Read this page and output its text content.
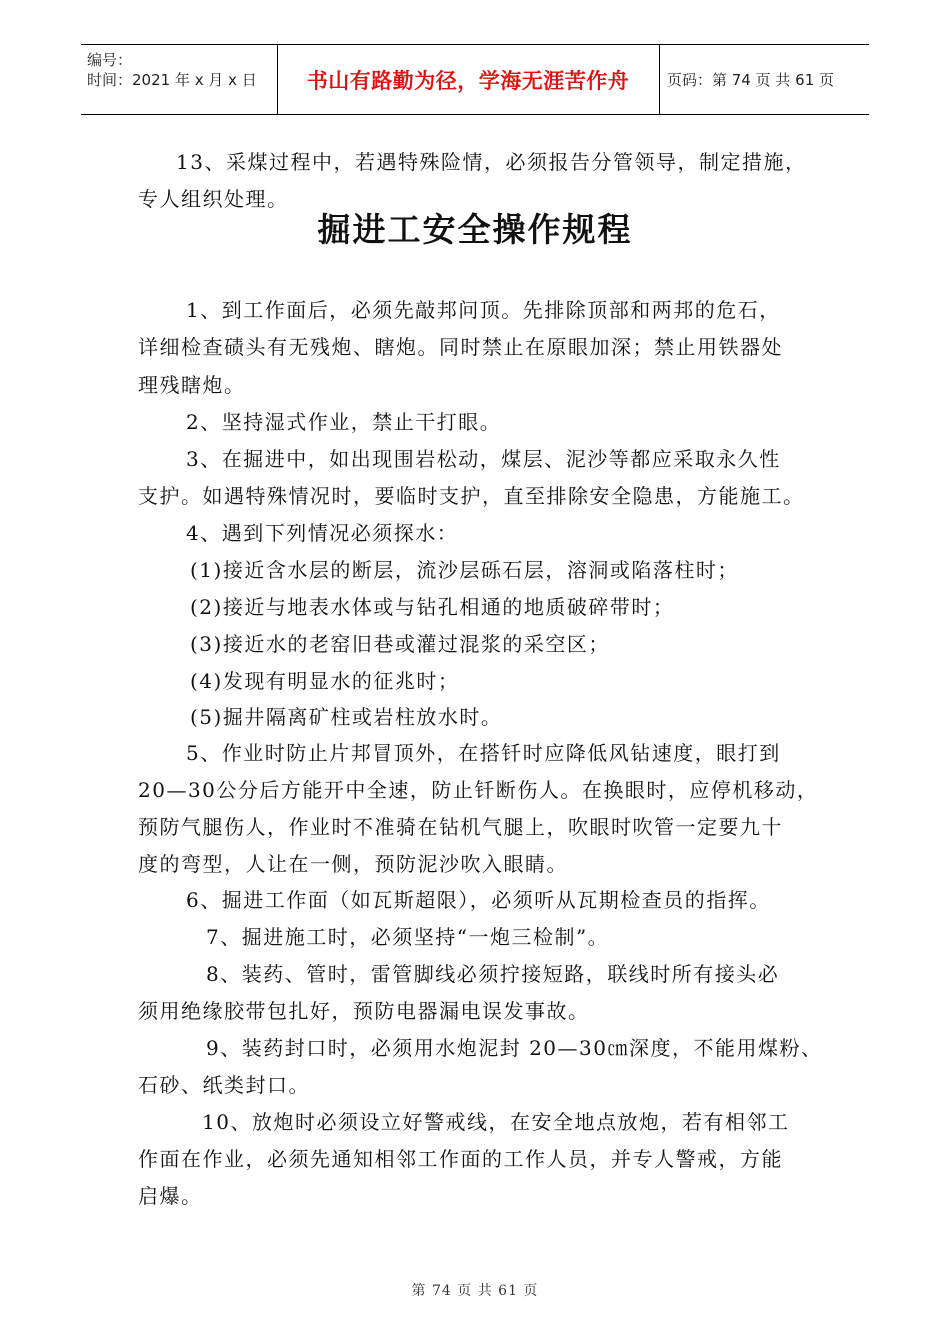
编号：
时间：2021 年 x 月 x 日	书山有路勤为径，学海无涯苦作舟	页码：第 74 页 共 61 页
13、采煤过程中，若遇特殊险情，必须报告分管领导，制定措施，
专人组织处理。
掘进工安全操作规程
1、到工作面后，必须先敲邦问顶。先排除顶部和两邦的危石，
详细检查碛头有无残炮、瞎炮。同时禁止在原眼加深；禁止用铁器处
理残瞎炮。
2、坚持湿式作业，禁止干打眼。
3、在掘进中，如出现围岩松动，煤层、泥沙等都应采取永久性
支护。如遇特殊情况时，要临时支护，直至排除安全隐患，方能施工。
4、遇到下列情况必须探水：
(1)接近含水层的断层，流沙层砾石层，溶洞或陷落柱时；
(2)接近与地表水体或与钻孔相通的地质破碎带时；
(3)接近水的老窑旧巷或灌过混浆的采空区；
(4)发现有明显水的征兆时；
(5)掘井隔离矿柱或岩柱放水时。
5、作业时防止片邦冒顶外，在搭钎时应降低风钻速度，眼打到
20—30公分后方能开中全速，防止钎断伤人。在换眼时，应停机移动，
预防气腿伤人，作业时不准骑在钻机气腿上，吹眼时吹管一定要九十
度的弯型，人让在一侧，预防泥沙吹入眼睛。
6、掘进工作面（如瓦斯超限），必须听从瓦期检查员的指挥。
7、掘进施工时，必须坚持“一炮三检制”。
8、装药、管时，雷管脚线必须拧接短路，联线时所有接头必
须用绝缘胶带包扎好，预防电器漏电误发事故。
9、装药封口时，必须用水炮泥封 20—30㎝深度，不能用煤粉、
石砂、纸类封口。
10、放炮时必须设立好警戒线，在安全地点放炮，若有相邻工
作面在作业，必须先通知相邻工作面的工作人员，并专人警戒，方能
启爆。
第 74 页 共 61 页
